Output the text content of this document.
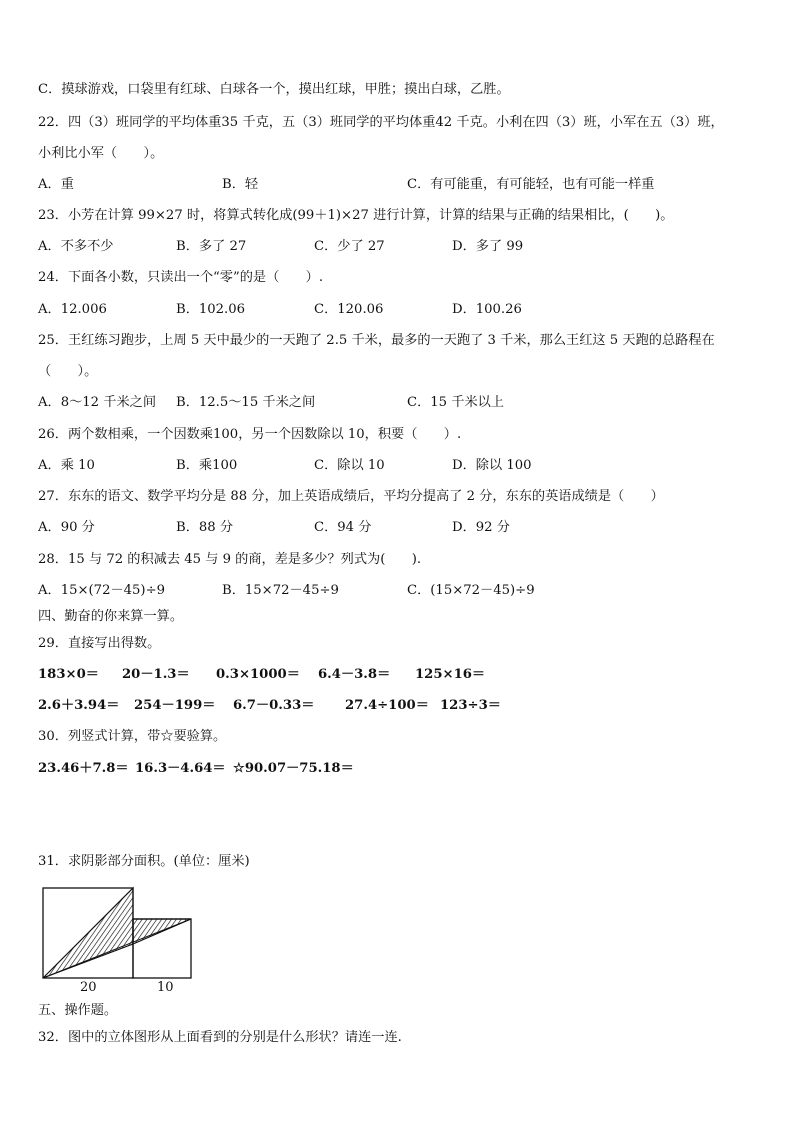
C．摸球游戏，口袋里有红球、白球各一个，摸出红球，甲胜；摸出白球，乙胜。
22．四（3）班同学的平均体重35 千克，五（3）班同学的平均体重42 千克。小利在四（3）班，小军在五（3）班，
小利比小军（　　）。
A．重	B．轻	C．有可能重，有可能轻，也有可能一样重
23．小芳在计算 99×27 时，将算式转化成(99＋1)×27 进行计算，计算的结果与正确的结果相比，(　　)。
A．不多不少	B．多了 27	C．少了 27	D．多了 99
24．下面各小数，只读出一个“零”的是（　　）.
A．12.006	B．102.06	C．120.06	D．100.26
25．王红练习跑步，上周 5 天中最少的一天跑了 2.5 千米，最多的一天跑了 3 千米，那么王红这 5 天跑的总路程在
（　　）。
A．8～12 千米之间 B．12.5～15 千米之间	C．15 千米以上
26．两个数相乘，一个因数乘100，另一个因数除以 10，积要（　　）.
A．乘 10	B．乘100	C．除以 10	D．除以 100
27．东东的语文、数学平均分是 88 分，加上英语成绩后，平均分提高了 2 分，东东的英语成绩是（　　）
A．90 分	B．88 分	C．94 分	D．92 分
28．15 与 72 的积减去 45 与 9 的商，差是多少？列式为(　　).
A．15×(72－45)÷9	B．15×72－45÷9	C．(15×72－45)÷9
四、勤奋的你来算一算。
29．直接写出得数。
183×0＝ 20－1.3＝ 0.3×1000＝ 6.4－3.8＝ 125×16＝
2.6＋3.94＝ 254－199＝ 6.7－0.33＝ 27.4÷100＝ 123÷3＝
30．列竖式计算，带☆要验算。
23.46＋7.8＝ 16.3－4.64＝ ☆90.07－75.18＝
31．求阴影部分面积。(单位：厘米)
20	10
五、操作题。
32．图中的立体图形从上面看到的分别是什么形状？请连一连.
